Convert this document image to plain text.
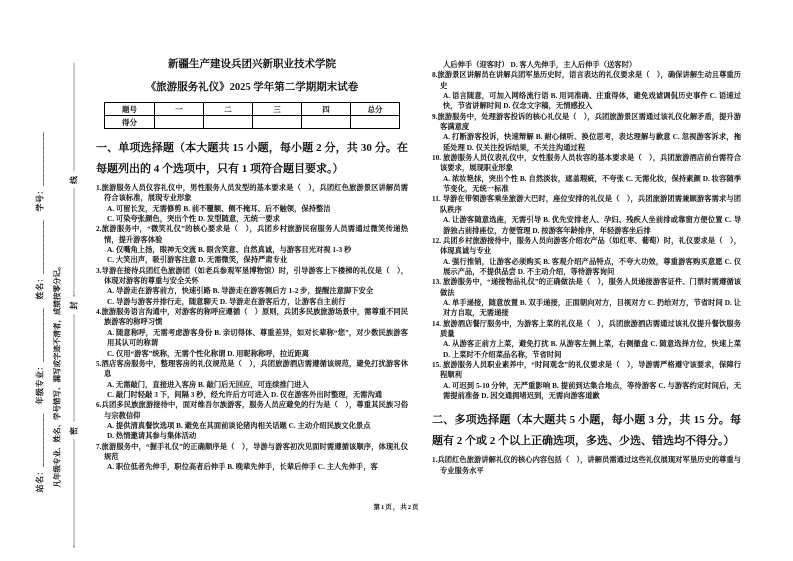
站名：____________　年级专业：____________　姓名：____________　学号：____________ 凡年级专业、姓名、学号错写、漏写或字迹不清者，成绩按零分记。 密
封
线
新疆生产建设兵团兴新职业技术学院
《旅游服务礼仪》2025 学年第二学期期末试卷
题号	一	二	三	四	总分
得分					
一、单项选择题（本大题共 15 小题，每小题 2 分，共 30 分。在每题列出的 4 个选项中，只有 1 项符合题目要求。）
1.旅游服务人员仪容礼仪中，男性服务人员发型的基本要求是（　），兵团红色旅游景区讲解员需符合该标准，展现专业形象
A. 可留长发，无需修剪 B. 前不覆额、侧不掩耳、后不触领，保持整洁
C. 可染夸张颜色，突出个性 D. 发型随意，无统一要求
2.旅游服务中，“微笑礼仪”的核心要求是（　），兵团乡村旅游民宿服务人员需通过微笑传递热情，提升游客体验
A. 仅嘴角上扬，眼神无交流 B. 眼含笑意、自然真诚，与游客目光对视 1-3 秒
C. 大笑出声，吸引游客注意 D. 无需微笑，保持严肃专业
3.导游在接待兵团红色旅游团（如老兵参观军垦博物馆）时，引导游客上下楼梯的礼仪是（　），体现对游客的尊重与安全关怀
A. 导游走在游客前方，快速引路 B. 导游走在游客侧后方 1-2 步，提醒注意脚下安全
C. 导游与游客并排行走，随意聊天 D. 导游走在游客后方，让游客自主前行
4.旅游服务语言沟通中，对游客的称呼应遵循（　）原则，兵团多民族旅游场景中，需尊重不同民族游客的称呼习惯
A. 随意称呼，无需考虑游客身份 B. 亲切得体、尊重差异，如对长辈称“您”，对少数民族游客用其认可的称谓
C. 仅用“游客”统称，无需个性化称谓 D. 用昵称称呼，拉近距离
5.酒店客房服务中，整理客房的礼仪规范是（　），兵团旅游酒店需遵循该规范，避免打扰游客休息
A. 无需敲门，直接进入客房 B. 敲门后无回应，可连续推门进入
C. 敲门时轻敲 3 下，间隔 3 秒，经允许后方可进入 D. 仅在游客外出时整理，无需沟通
6.兵团多民族旅游接待中，面对维吾尔族游客，服务人员应避免的行为是（　），尊重其民族习俗与宗教信仰
A. 提供清真餐饮选项 B. 避免在其面前谈论猪肉相关话题 C. 主动介绍民族文化景点
D. 热情邀请其参与集体活动
7.旅游服务中，“握手礼仪”的正确顺序是（　），导游与游客初次见面时需遵循该顺序，体现礼仪规范
A. 职位低者先伸手，职位高者后伸手 B. 晚辈先伸手，长辈后伸手 C. 主人先伸手，客
人后伸手（迎客时） D. 客人先伸手，主人后伸手（送客时）
8.旅游景区讲解员在讲解兵团军垦历史时，语言表达的礼仪要求是（　），确保讲解生动且尊重历史
A. 语言随意，可加入网络流行语 B. 用词准确、庄重得体，避免戏谑调侃历史事件 C. 语速过快，节省讲解时间 D. 仅念文字稿，无情感投入
9.旅游服务中，处理游客投诉的核心礼仪是（　），兵团旅游景区需通过该礼仪化解矛盾，提升游客满意度
A. 打断游客投诉，快速辩解 B. 耐心倾听、换位思考，表达理解与歉意 C. 忽视游客诉求，拖延处理 D. 仅关注投诉结果，不关注沟通过程
10. 旅游服务人员仪表礼仪中，女性服务人员妆容的基本要求是（　），兵团旅游酒店前台需符合该要求，展现职业形象
A. 浓妆艳抹，突出个性 B. 自然淡妆，遮盖瑕疵，不夸张 C. 无需化妆，保持素颜 D. 妆容随季节变化，无统一标准
11. 导游在带领游客乘坐旅游大巴时，座位安排的礼仪是（　），兵团旅游团需兼顾游客需求与团队秩序
A. 让游客随意选座，无需引导 B. 优先安排老人、孕妇、残疾人坐前排或靠窗方便位置 C. 导游独占前排座位，方便管理 D. 按游客年龄排序，年轻游客坐后排
12. 兵团乡村旅游接待中，服务人员向游客介绍农产品（如红枣、葡萄）时，礼仪要求是（　），体现真诚与专业
A. 强行推销，让游客必须购买 B. 客观介绍产品特点，不夸大功效，尊重游客购买意愿 C. 仅展示产品，不提供品尝 D. 不主动介绍，等待游客询问
13. 旅游服务中，“递接物品礼仪”的正确做法是（　），服务人员递接游客证件、门票时需遵循该做法
A. 单手递接，随意放置 B. 双手递接，正面朝向对方，目视对方 C. 扔给对方，节省时间 D. 让对方自取，无需递接
14. 旅游酒店餐厅服务中，为游客上菜的礼仪是（　），兵团旅游酒店需通过该礼仪提升餐饮服务质量
A. 从游客正前方上菜，避免打扰 B. 从游客左侧上菜，右侧撤盘 C. 随意选择方位，快速上菜 D. 上菜时不介绍菜品名称，节省时间
15. 旅游服务人员职业素养中，“时间观念”的礼仪要求是（　），导游需严格遵守该要求，保障行程顺利
A. 可迟到 5-10 分钟，无严重影响 B. 提前到达集合地点，等待游客 C. 与游客约定时间后，无需提前准备 D. 因交通拥堵迟到，无需向游客道歉
二、多项选择题（本大题共 5 小题，每小题 3 分，共 15 分。每题有 2 个或 2 个以上正确选项，多选、少选、错选均不得分。）
1.兵团红色旅游讲解礼仪的核心内容包括（　），讲解员需通过这些礼仪展现对军垦历史的尊重与专业服务水平
第1页，共2页
